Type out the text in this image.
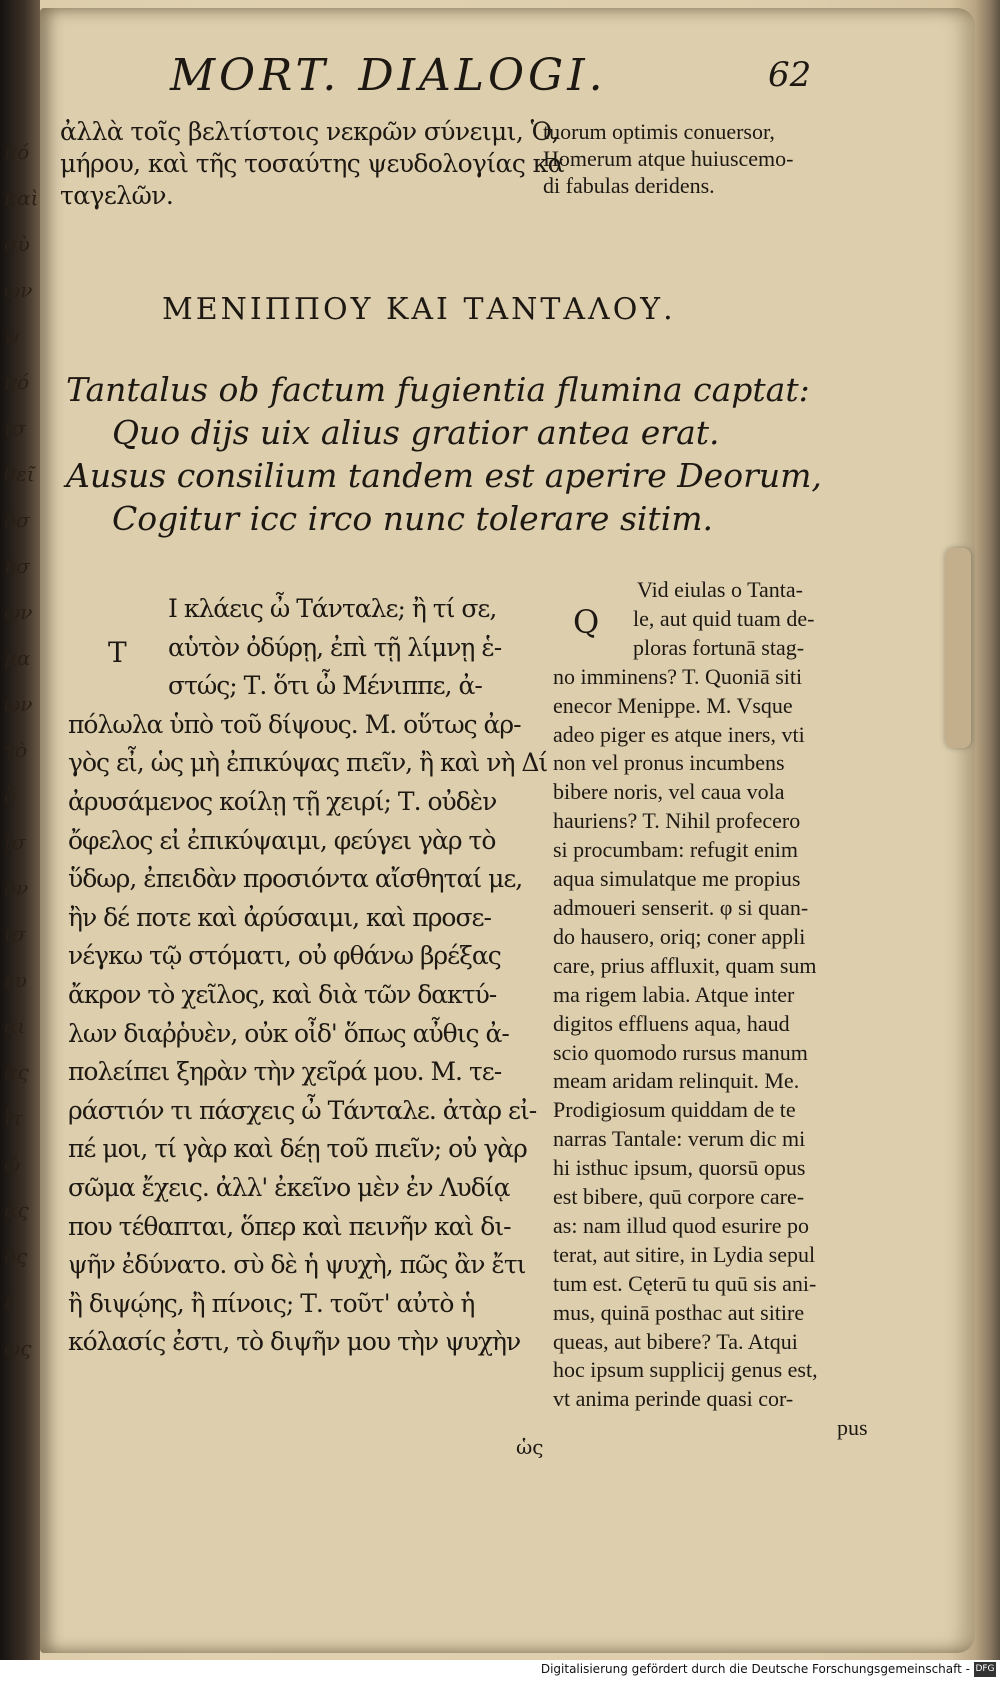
πό
καὶ
σὺ
ων
ψ
πό
ίσ
θεῖ
όσ
ήσ
ων
μα
ων
τὸ
ὅ
ίσ
ὸν
ίσ
ευ
αι
ὰς
ἴτ
ῶ
ὰς
ὸς
έ
ως
MORT. DIALOGI.	62
ἀλλὰ τοῖς βελτίστοις νεκρῶν σύνειμι, Ὁ,
μήρου, καὶ τῆς τοσαύτης ψευδολογίας κα
ταγελῶν.
tuorum optimis conuersor,
Homerum atque huiuscemo-
di fabulas deridens.
ΜΕΝΙΠΠΟΥ ΚΑΙ ΤΑΝΤΑΛΟΥ.
Tantalus ob factum fugientia flumina captat:
Quo dijs uix alius gratior antea erat.
Ausus consilium tandem est aperire Deorum,
Cogitur icc irco nunc tolerare sitim.
T
Ι κλάεις ὦ Τάνταλε; ἢ τί σε,
αὑτὸν ὀδύρῃ, ἐπὶ τῇ λίμνῃ ἑ-
στώς; Τ. ὅτι ὦ Μένιππε, ἀ-
πόλωλα ὑπὸ τοῦ δίψους. Μ. οὕτως ἀρ-
γὸς εἶ, ὡς μὴ ἐπικύψας πιεῖν, ἢ καὶ νὴ Δί
ἀρυσάμενος κοίλῃ τῇ χειρί; Τ. οὐδὲν
ὄφελος εἰ ἐπικύψαιμι, φεύγει γὰρ τὸ
ὕδωρ, ἐπειδὰν προσιόντα αἴσθηταί με,
ἢν δέ ποτε καὶ ἀρύσαιμι, καὶ προσε-
νέγκω τῷ στόματι, οὐ φθάνω βρέξας
ἄκρον τὸ χεῖλος, καὶ διὰ τῶν δακτύ-
λων διαῤῥυὲν, οὐκ οἶδ' ὅπως αὖθις ἀ-
πολείπει ξηρὰν τὴν χεῖρά μου. Μ. τε-
ράστιόν τι πάσχεις ὦ Τάνταλε. ἀτὰρ εἰ-
πέ μοι, τί γὰρ καὶ δέῃ τοῦ πιεῖν; οὐ γὰρ
σῶμα ἔχεις. ἀλλ' ἐκεῖνο μὲν ἐν Λυδίᾳ
που τέθαπται, ὅπερ καὶ πεινῆν καὶ δι-
ψῆν ἐδύνατο. σὺ δὲ ἡ ψυχὴ, πῶς ἂν ἔτι
ἢ διψῴης, ἢ πίνοις; Τ. τοῦτ' αὐτὸ ἡ
κόλασίς ἐστι, τὸ διψῆν μου τὴν ψυχὴν
ὡς
Q
Vid eiulas o Tanta-
le, aut quid tuam de-
ploras fortunā stag-
no imminens? T. Quoniā siti
enecor Menippe. M. Vsque
adeo piger es atque iners, vti
non vel pronus incumbens
bibere noris, vel caua vola
hauriens? T. Nihil profecero
si procumbam: refugit enim
aqua simulatque me propius
admoueri senserit. φ si quan-
do hausero, oriq; coner appli
care, prius affluxit, quam sum
ma rigem labia. Atque inter
digitos effluens aqua, haud
scio quomodo rursus manum
meam aridam relinquit. Me.
Prodigiosum quiddam de te
narras Tantale: verum dic mi
hi isthuc ipsum, quorsū opus
est bibere, quū corpore care-
as: nam illud quod esurire po
terat, aut sitire, in Lydia sepul
tum est. Cęterū tu quū sis ani-
mus, quinā posthac aut sitire
queas, aut bibere? Ta. Atqui
hoc ipsum supplicij genus est,
vt anima perinde quasi cor-
pus
Digitalisierung gefördert durch die Deutsche Forschungsgemeinschaft - DFG
